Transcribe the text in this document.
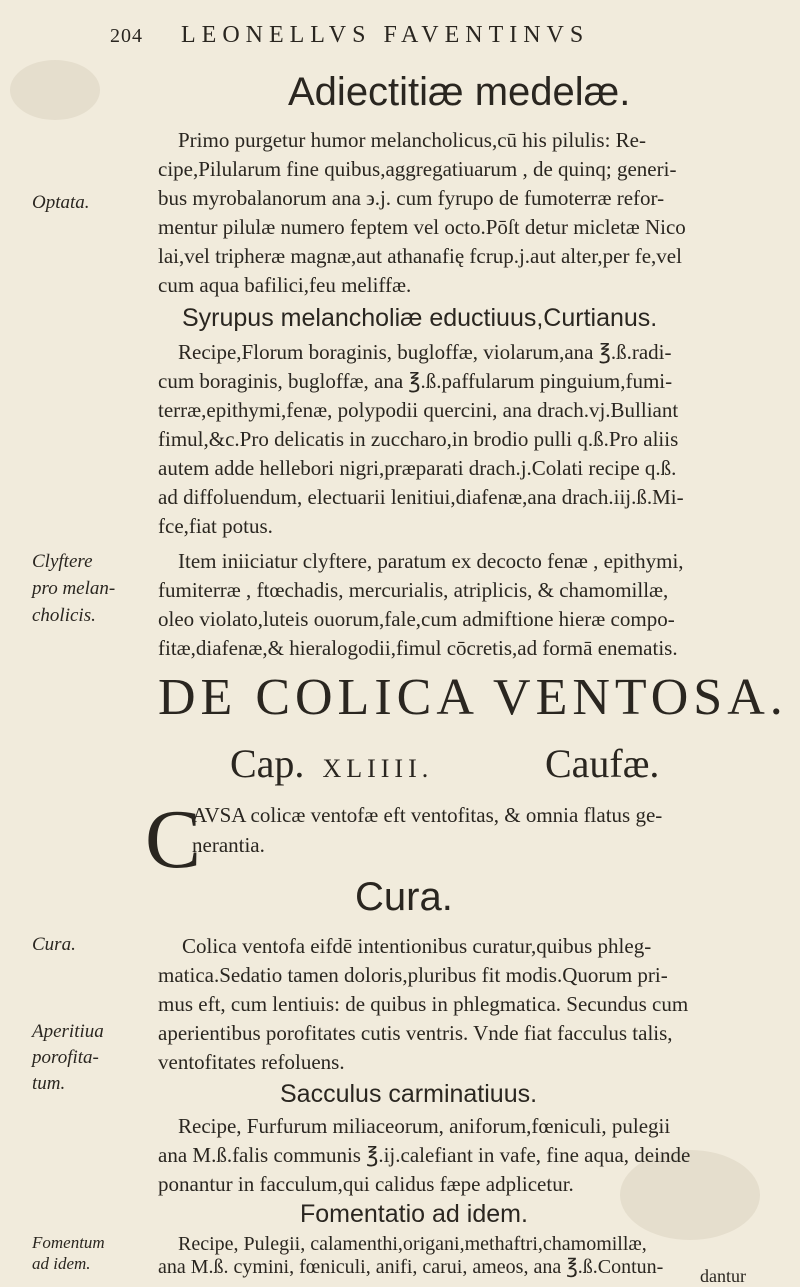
204 LEONELLVS FAVENTINVS
Adiectitiæ medelæ.
Primo purgetur humor melancholicus,cū his pilulis: Re-
cipe,Pilularum fine quibus,aggregatiuarum , de quinq; generi-
bus myrobalanorum ana ϶.j. cum fyrupo de fumoterræ refor-
mentur pilulæ numero feptem vel octo.Pōſt detur micletæ Nico
lai,vel tripheræ magnæ,aut athanafię fcrup.j.aut alter,per fe,vel
cum aqua bafilici,feu meliffæ.
Optata.
Syrupus melancholiæ eductiuus,Curtianus.
Recipe,Florum boraginis, bugloffæ, violarum,ana ℥.ß.radi-
cum boraginis, bugloffæ, ana ℥.ß.paffularum pinguium,fumi-
terræ,epithymi,fenæ, polypodii quercini, ana drach.vj.Bulliant
fimul,&c.Pro delicatis in zuccharo,in brodio pulli q.ß.Pro aliis
autem adde hellebori nigri,præparati drach.j.Colati recipe q.ß.
ad diffoluendum, electuarii lenitiui,diafenæ,ana drach.iij.ß.Mi-
fce,fiat potus.
Item iniiciatur clyftere, paratum ex decocto fenæ , epithymi,
fumiterræ , ftœchadis, mercurialis, atriplicis, & chamomillæ,
oleo violato,luteis ouorum,fale,cum admiftione hieræ compo-
fitæ,diafenæ,& hieralogodii,fimul cōcretis,ad formā enematis.
Clyftere
pro melan-
cholicis.
DE COLICA VENTOSA.
Cap. XLIIII.	Caufæ.
C
AVSA colicæ ventofæ eft ventofitas, & omnia flatus ge-
nerantia.
Cura.
Colica ventofa eifdē intentionibus curatur,quibus phleg-
matica.Sedatio tamen doloris,pluribus fit modis.Quorum pri-
mus eft, cum lentiuis: de quibus in phlegmatica. Secundus cum
aperientibus porofitates cutis ventris. Vnde fiat facculus talis,
ventofitates refoluens.
Cura.
Aperitiua
porofita-
tum.	Sacculus carminatiuus.
Recipe, Furfurum miliaceorum, aniforum,fœniculi, pulegii
ana M.ß.falis communis ℥.ij.calefiant in vafe, fine aqua, deinde
ponantur in facculum,qui calidus fæpe adplicetur.
Fomentatio ad idem.
Recipe, Pulegii, calamenthi,origani,methaftri,chamomillæ,
ana M.ß. cymini, fœniculi, anifi, carui, ameos, ana ℥.ß.Contun-
Fomentum
ad idem.
dantur
